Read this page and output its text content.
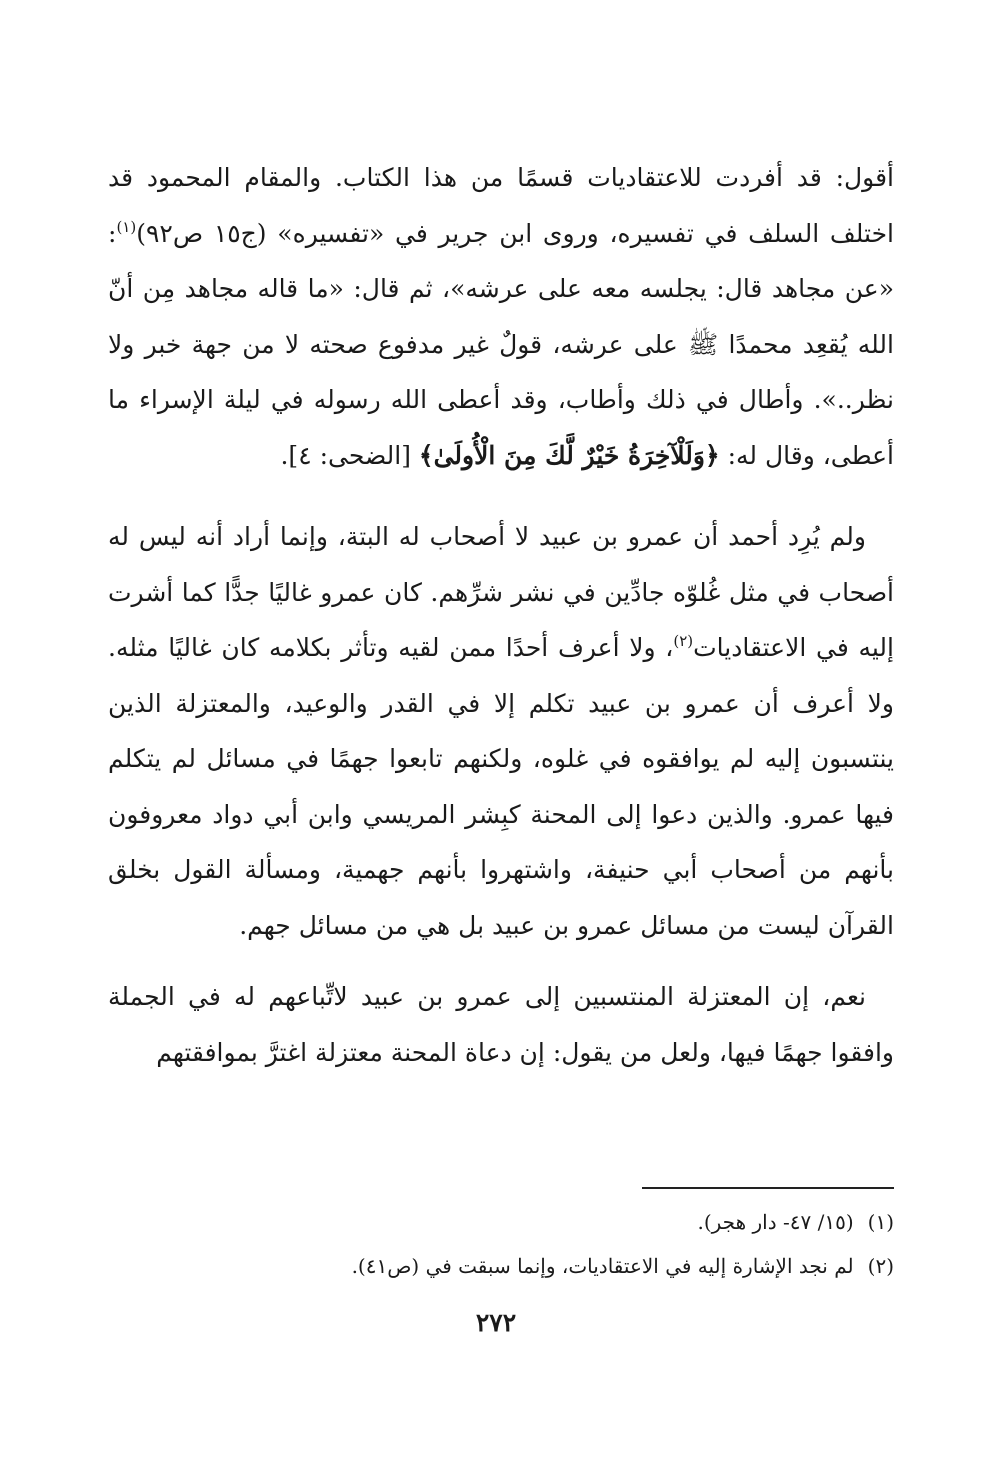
أقول: قد أفردت للاعتقاديات قسمًا من هذا الكتاب. والمقام المحمود قد اختلف السلف في تفسيره، وروى ابن جرير في «تفسيره» (ج١٥ ص٩٢)$^{(١)}$: «عن مجاهد قال: يجلسه معه على عرشه»، ثم قال: «ما قاله مجاهد مِن أنّ الله يُقعِد محمدًا ﷺ على عرشه، قولٌ غير مدفوع صحته لا من جهة خبر ولا نظر..». وأطال في ذلك وأطاب، وقد أعطى الله رسوله في ليلة الإسراء ما أعطى، وقال له: ﴿وَلَلْآخِرَةُ خَيْرٌ لَّكَ مِنَ الْأُولَىٰ﴾ [الضحى: ٤].

ولم يُرِد أحمد أن عمرو بن عبيد لا أصحاب له البتة، وإنما أراد أنه ليس له أصحاب في مثل غُلوّه جادِّين في نشر شرِّهم. كان عمرو غاليًا جدًّا كما أشرت إليه في الاعتقاديات$^{(٢)}$، ولا أعرف أحدًا ممن لقيه وتأثر بكلامه كان غاليًا مثله. ولا أعرف أن عمرو بن عبيد تكلم إلا في القدر والوعيد، والمعتزلة الذين ينتسبون إليه لم يوافقوه في غلوه، ولكنهم تابعوا جهمًا في مسائل لم يتكلم فيها عمرو. والذين دعوا إلى المحنة كبِشر المريسي وابن أبي دواد معروفون بأنهم من أصحاب أبي حنيفة، واشتهروا بأنهم جهمية، ومسألة القول بخلق القرآن ليست من مسائل عمرو بن عبيد بل هي من مسائل جهم.

نعم، إن المعتزلة المنتسبين إلى عمرو بن عبيد لاتِّباعهم له في الجملة وافقوا جهمًا فيها، ولعل من يقول: إن دعاة المحنة معتزلة اغترَّ بموافقتهم

(١)(١٥/ ٤٧- دار هجر).

(٢)لم نجد الإشارة إليه في الاعتقاديات، وإنما سبقت في (ص٤١).

٢٧٢
